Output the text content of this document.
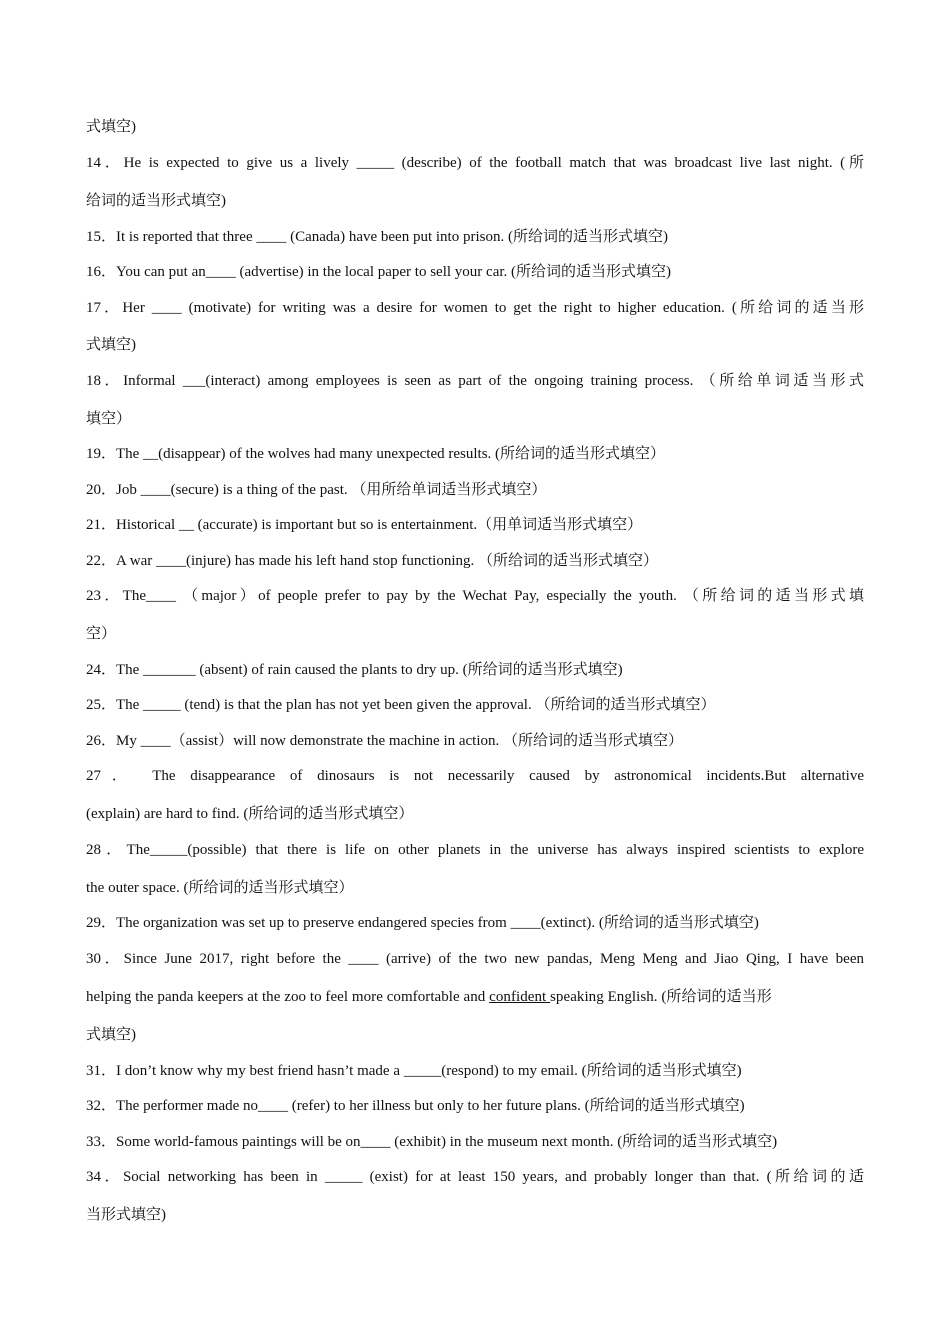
式填空)
14．He is expected to give us a lively _____ (describe) of the football match that was broadcast live last night. (所
给词的适当形式填空)
15．It is reported that three ____ (Canada) have been put into prison. (所给词的适当形式填空)
16．You can put an____ (advertise) in the local paper to sell your car. (所给词的适当形式填空)
17．Her ____ (motivate) for writing was a desire for women to get the right to higher education. (所给词的适当形
式填空)
18．Informal ___(interact) among employees is seen as part of the ongoing training process. （所给单词适当形式
填空）
19．The __(disappear) of the wolves had many unexpected results. (所给词的适当形式填空）
20．Job ____(secure) is a thing of the past. （用所给单词适当形式填空）
21．Historical __ (accurate) is important but so is entertainment.（用单词适当形式填空）
22．A war ____(injure) has made his left hand stop functioning. （所给词的适当形式填空）
23．The____ （major）of people prefer to pay by the Wechat Pay, especially the youth. （所给词的适当形式填
空）
24．The _______ (absent) of rain caused the plants to dry up. (所给词的适当形式填空)
25．The _____ (tend) is that the plan has not yet been given the approval. （所给词的适当形式填空）
26．My ____（assist）will now demonstrate the machine in action. （所给词的适当形式填空）
27． The disappearance of dinosaurs is not necessarily caused by astronomical incidents.But alternative
(explain) are hard to find. (所给词的适当形式填空）
28．The_____(possible) that there is life on other planets in the universe has always inspired scientists to explore
the outer space. (所给词的适当形式填空）
29．The organization was set up to preserve endangered species from ____(extinct). (所给词的适当形式填空)
30．Since June 2017, right before the ____ (arrive) of the two new pandas, Meng Meng and Jiao Qing, I have been
helping the panda keepers at the zoo to feel more comfortable and confident speaking English. (所给词的适当形
式填空)
31．I don’t know why my best friend hasn’t made a _____(respond) to my email. (所给词的适当形式填空)
32．The performer made no____ (refer) to her illness but only to her future plans. (所给词的适当形式填空)
33．Some world-famous paintings will be on____ (exhibit) in the museum next month. (所给词的适当形式填空)
34．Social networking has been in _____ (exist) for at least 150 years, and probably longer than that. (所给词的适
当形式填空)
